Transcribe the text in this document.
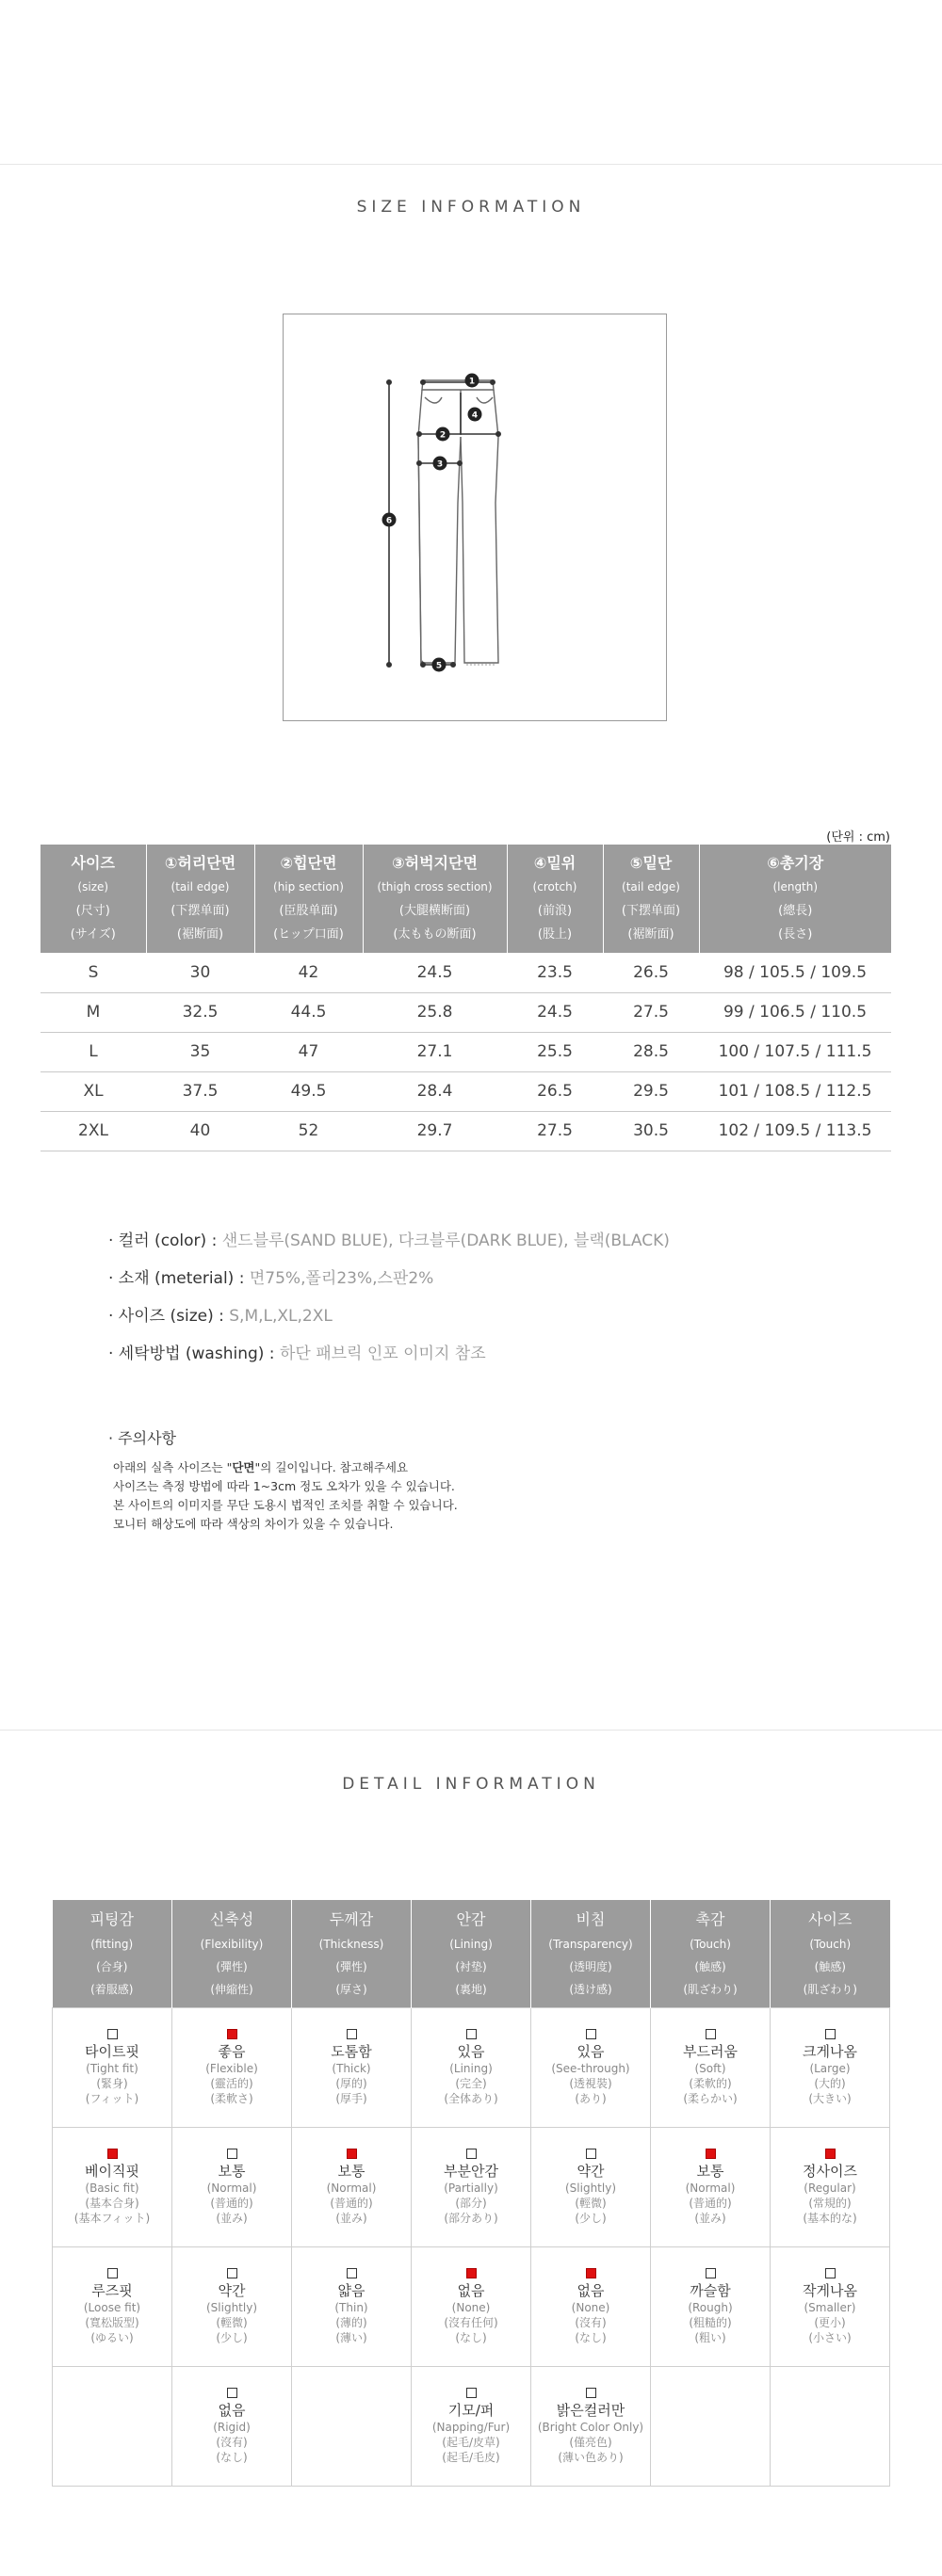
SIZE INFORMATION
1
2
3
4
5
6
(단위 : cm)
사이즈
(size)
(尺寸)
(サイズ)	①허리단면
(tail edge)
(下摆单面)
(裾断面)	②힙단면
(hip section)
(臣股单面)
(ヒップ口面)	③허벅지단면
(thigh cross section)
(大腿横断面)
(太ももの断面)	④밑위
(crotch)
(前浪)
(股上)	⑤밑단
(tail edge)
(下摆单面)
(裾断面)	⑥총기장
(length)
(總長)
(長さ)

S	30	42	24.5	23.5	26.5	98 / 105.5 / 109.5
M	32.5	44.5	25.8	24.5	27.5	99 / 106.5 / 110.5
L	35	47	27.1	25.5	28.5	100 / 107.5 / 111.5
XL	37.5	49.5	28.4	26.5	29.5	101 / 108.5 / 112.5
2XL	40	52	29.7	27.5	30.5	102 / 109.5 / 113.5
· 컬러 (color) : 샌드블루(SAND BLUE), 다크블루(DARK BLUE), 블랙(BLACK)
· 소재 (meterial) : 면75%,폴리23%,스판2%
· 사이즈 (size) : S,M,L,XL,2XL
· 세탁방법 (washing) : 하단 패브릭 인포 이미지 참조
· 주의사항
아래의 실측 사이즈는 "단면"의 길이입니다. 참고해주세요
사이즈는 측정 방법에 따라 1~3cm 정도 오차가 있을 수 있습니다.
본 사이트의 이미지를 무단 도용시 법적인 조치를 취할 수 있습니다.
모니터 해상도에 따라 색상의 차이가 있을 수 있습니다.
DETAIL INFORMATION
피팅감
(fitting)
(合身)
(着服感)	신축성
(Flexibility)
(彈性)
(伸縮性)	두께감
(Thickness)
(彈性)
(厚さ)	안감
(Lining)
(衬垫)
(裏地)	비침
(Transparency)
(透明度)
(透け感)	촉감
(Touch)
(触感)
(肌ざわり)	사이즈
(Touch)
(触感)
(肌ざわり)

타이트핏
(Tight fit)
(緊身)
(フィット)	좋음
(Flexible)
(靈活的)
(柔軟さ)	도톰함
(Thick)
(厚的)
(厚手)	있음
(Lining)
(完全)
(全体あり)	있음
(See-through)
(透視裝)
(あり)	부드러움
(Soft)
(柔軟的)
(柔らかい)	크게나옴
(Large)
(大的)
(大きい)

베이직핏
(Basic fit)
(基本合身)
(基本フィット)	보통
(Normal)
(普通的)
(並み)	보통
(Normal)
(普通的)
(並み)	부분안감
(Partially)
(部分)
(部分あり)	약간
(Slightly)
(輕微)
(少し)	보통
(Normal)
(普通的)
(並み)	정사이즈
(Regular)
(常規的)
(基本的な)

루즈핏
(Loose fit)
(寬松版型)
(ゆるい)	약간
(Slightly)
(輕微)
(少し)	얇음
(Thin)
(薄的)
(薄い)	없음
(None)
(沒有任何)
(なし)	없음
(None)
(沒有)
(なし)	까슬함
(Rough)
(粗糙的)
(粗い)	작게나옴
(Smaller)
(更小)
(小さい)

	없음
(Rigid)
(沒有)
(なし)		기모/퍼
(Napping/Fur)
(起毛/皮草)
(起毛/毛皮)	밝은컬러만
(Bright Color Only)
(僅亮色)
(薄い色あり)		
